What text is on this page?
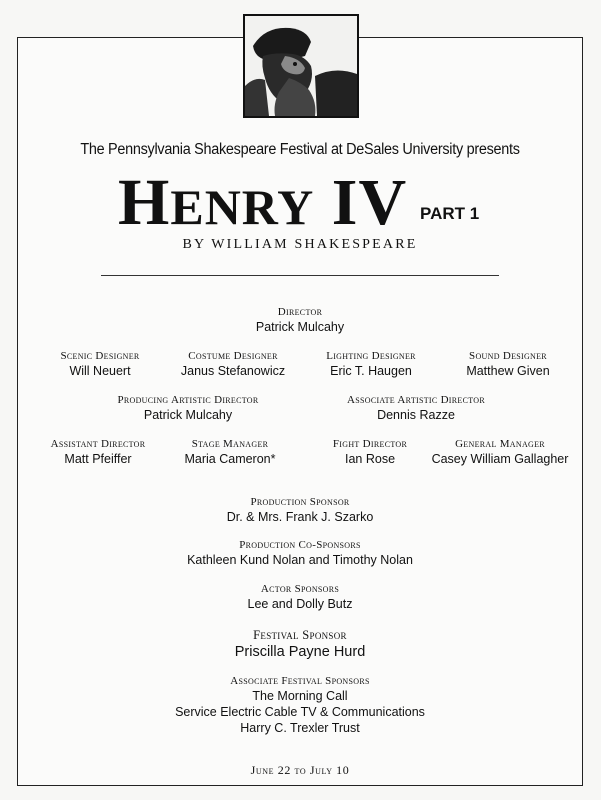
The Pennsylvania Shakespeare Festival at DeSales University presents
HENRY IV PART 1
BY WILLIAM SHAKESPEARE
Director
Patrick Mulcahy
Scenic Designer
Will Neuert
Costume Designer
Janus Stefanowicz
Lighting Designer
Eric T. Haugen
Sound Designer
Matthew Given
Producing Artistic Director
Patrick Mulcahy
Associate Artistic Director
Dennis Razze
Assistant Director
Matt Pfeiffer
Stage Manager
Maria Cameron*
Fight Director
Ian Rose
General Manager
Casey William Gallagher
Production Sponsor
Dr. & Mrs. Frank J. Szarko
Production Co-Sponsors
Kathleen Kund Nolan and Timothy Nolan
Actor Sponsors
Lee and Dolly Butz
Festival Sponsor
Priscilla Payne Hurd
Associate Festival Sponsors
The Morning Call
Service Electric Cable TV & Communications
Harry C. Trexler Trust
June 22 to July 10
